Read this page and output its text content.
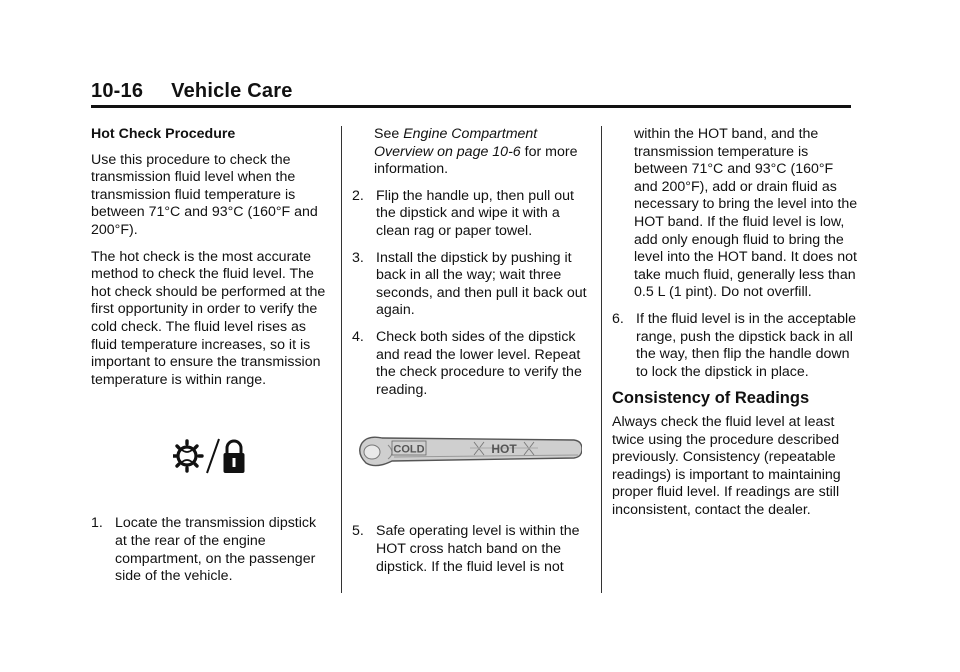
10-16 Vehicle Care

Hot Check Procedure

Use this procedure to check the transmission fluid level when the transmission fluid temperature is between 71°C and 93°C (160°F and 200°F).

The hot check is the most accurate method to check the fluid level. The hot check should be performed at the first opportunity in order to verify the cold check. The fluid level rises as fluid temperature increases, so it is important to ensure the transmission temperature is within range.

1. Locate the transmission dipstick at the rear of the engine compartment, on the passenger side of the vehicle.

See Engine Compartment Overview on page 10-6 for more information.

2. Flip the handle up, then pull out the dipstick and wipe it with a clean rag or paper towel.
3. Install the dipstick by pushing it back in all the way; wait three seconds, and then pull it back out again.
4. Check both sides of the dipstick and read the lower level. Repeat the check procedure to verify the reading.
COLD	HOT
5. Safe operating level is within the HOT cross hatch band on the dipstick. If the fluid level is not

within the HOT band, and the transmission temperature is between 71°C and 93°C (160°F and 200°F), add or drain fluid as necessary to bring the level into the HOT band. If the fluid level is low, add only enough fluid to bring the level into the HOT band. It does not take much fluid, generally less than 0.5 L (1 pint). Do not overfill.

6. If the fluid level is in the acceptable range, push the dipstick back in all the way, then flip the handle down to lock the dipstick in place.
Consistency of Readings

Always check the fluid level at least twice using the procedure described previously. Consistency (repeatable readings) is important to maintaining proper fluid level. If readings are still inconsistent, contact the dealer.
